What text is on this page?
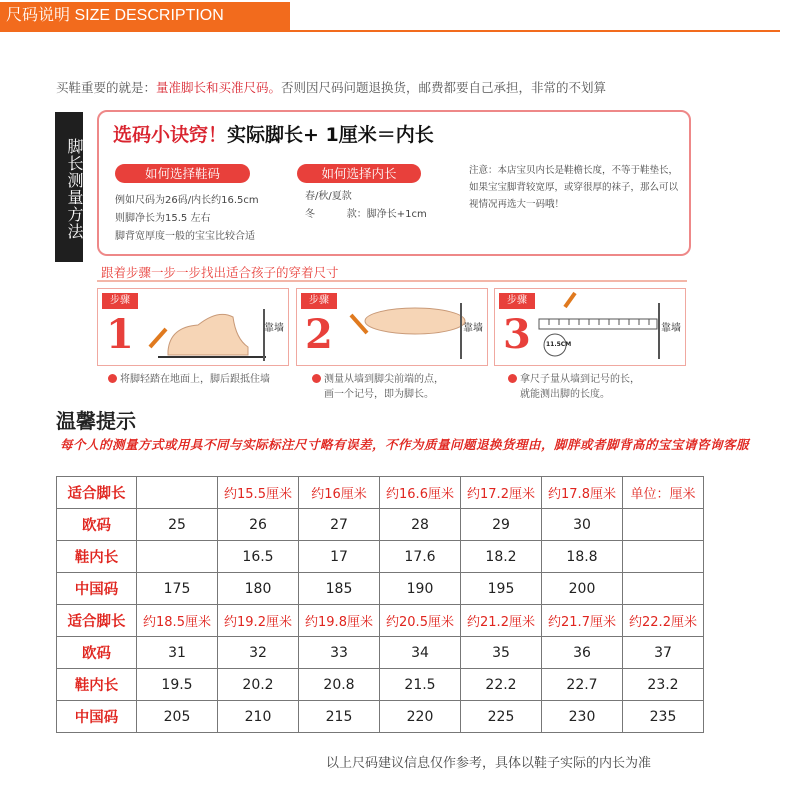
尺码说明 SIZE DESCRIPTION
买鞋重要的就是：量准脚长和买准尺码。否则因尺码问题退换货，邮费都要自己承担，非常的不划算
脚长测量方法
选码小诀窍！实际脚长+ 1厘米＝内长
如何选择鞋码
例如尺码为26码/内长约16.5cm
则脚净长为15.5 左右
脚背宽厚度一般的宝宝比较合适
如何选择内长
春/秋/夏款
冬          款：脚净长+1cm
注意：本店宝贝内长是鞋檐长度，不等于鞋垫长，如果宝宝脚背较宽厚，或穿很厚的袜子，那么可以视情况再选大一码哦！
跟着步骤一步一步找出适合孩子的穿着尺寸
步骤
1	靠墙
步骤
2	靠墙
步骤
3	靠墙
11.5CM
将脚轻踏在地面上，脚后跟抵住墙	测量从墙到脚尖前端的点，
画一个记号，即为脚长。
拿尺子量从墙到记号的长，
就能测出脚的长度。
温馨提示
每个人的测量方式或用具不同与实际标注尺寸略有误差，不作为质量问题退换货理由，脚胖或者脚背高的宝宝请咨询客服
适合脚长		约15.5厘米	约16厘米	约16.6厘米	约17.2厘米	约17.8厘米	单位：厘米
欧码	25	26	27	28	29	30	
鞋内长		16.5	17	17.6	18.2	18.8	
中国码	175	180	185	190	195	200	
适合脚长	约18.5厘米	约19.2厘米	约19.8厘米	约20.5厘米	约21.2厘米	约21.7厘米	约22.2厘米
欧码	31	32	33	34	35	36	37
鞋内长	19.5	20.2	20.8	21.5	22.2	22.7	23.2
中国码	205	210	215	220	225	230	235
以上尺码建议信息仅作参考，具体以鞋子实际的内长为准
